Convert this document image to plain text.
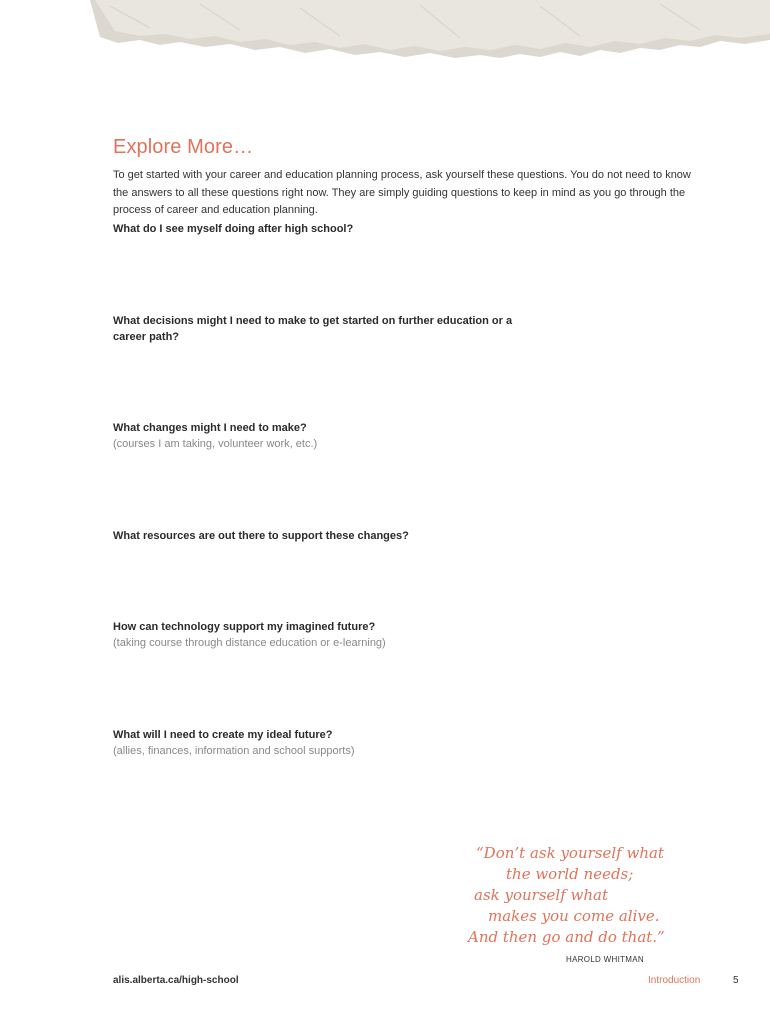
Explore More…

To get started with your career and education planning process, ask yourself these questions. You do not need to know the answers to all these questions right now. They are simply guiding questions to keep in mind as you go through the process of career and education planning.

What do I see myself doing after high school?
What decisions might I need to make to get started on further education or a career path?
What changes might I need to make?
(courses I am taking, volunteer work, etc.)
What resources are out there to support these changes?
How can technology support my imagined future?
(taking course through distance education or e-learning)
What will I need to create my ideal future?
(allies, finances, information and school supports)

“Don’t ask yourself what
the world needs;
ask yourself what
makes you come alive.
And then go and do that.”

HAROLD WHITMAN

alis.alberta.ca/high-school	Introduction	5
